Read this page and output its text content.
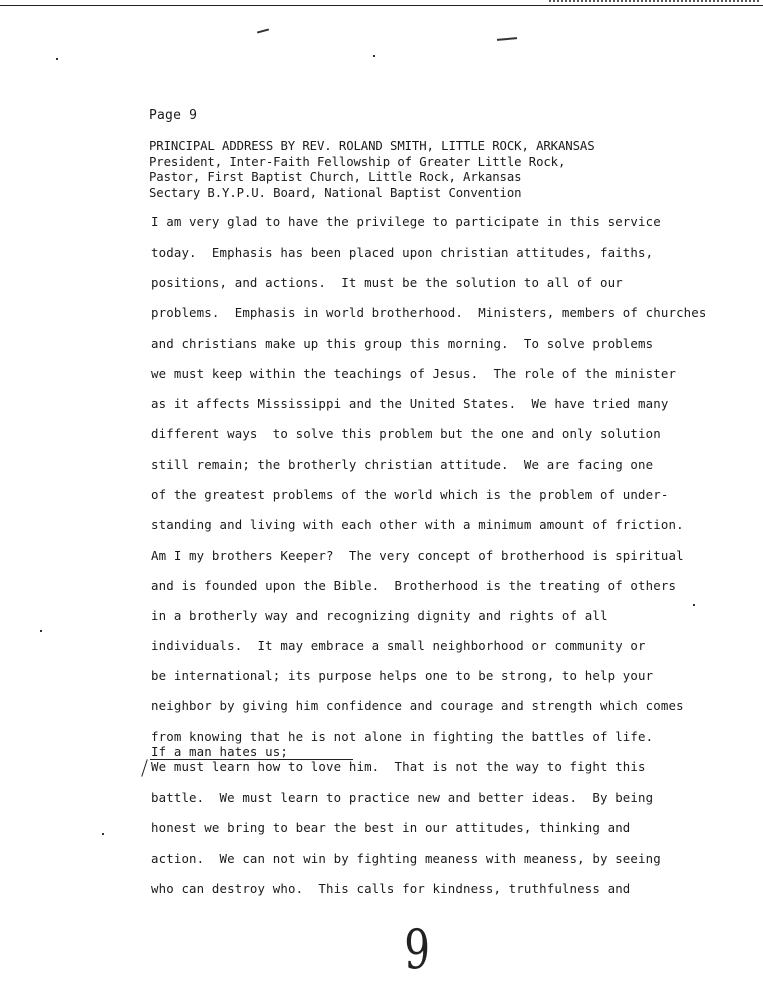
Page 9
PRINCIPAL ADDRESS BY REV. ROLAND SMITH, LITTLE ROCK, ARKANSAS
President, Inter-Faith Fellowship of Greater Little Rock,
Pastor, First Baptist Church, Little Rock, Arkansas
Sectary B.Y.P.U. Board, National Baptist Convention
I am very glad to have the privilege to participate in this service
today.  Emphasis has been placed upon christian attitudes, faiths,
positions, and actions.  It must be the solution to all of our
problems.  Emphasis in world brotherhood.  Ministers, members of churches
and christians make up this group this morning.  To solve problems
we must keep within the teachings of Jesus.  The role of the minister
as it affects Mississippi and the United States.  We have tried many
different ways  to solve this problem but the one and only solution
still remain; the brotherly christian attitude.  We are facing one
of the greatest problems of the world which is the problem of under-
standing and living with each other with a minimum amount of friction.
Am I my brothers Keeper?  The very concept of brotherhood is spiritual
and is founded upon the Bible.  Brotherhood is the treating of others
in a brotherly way and recognizing dignity and rights of all
individuals.  It may embrace a small neighborhood or community or
be international; its purpose helps one to be strong, to help your
neighbor by giving him confidence and courage and strength which comes
from knowing that he is not alone in fighting the battles of life.
If a man hates us;
We must learn how to love him.  That is not the way to fight this
battle.  We must learn to practice new and better ideas.  By being
honest we bring to bear the best in our attitudes, thinking and
action.  We can not win by fighting meaness with meaness, by seeing
who can destroy who.  This calls for kindness, truthfulness and
9
